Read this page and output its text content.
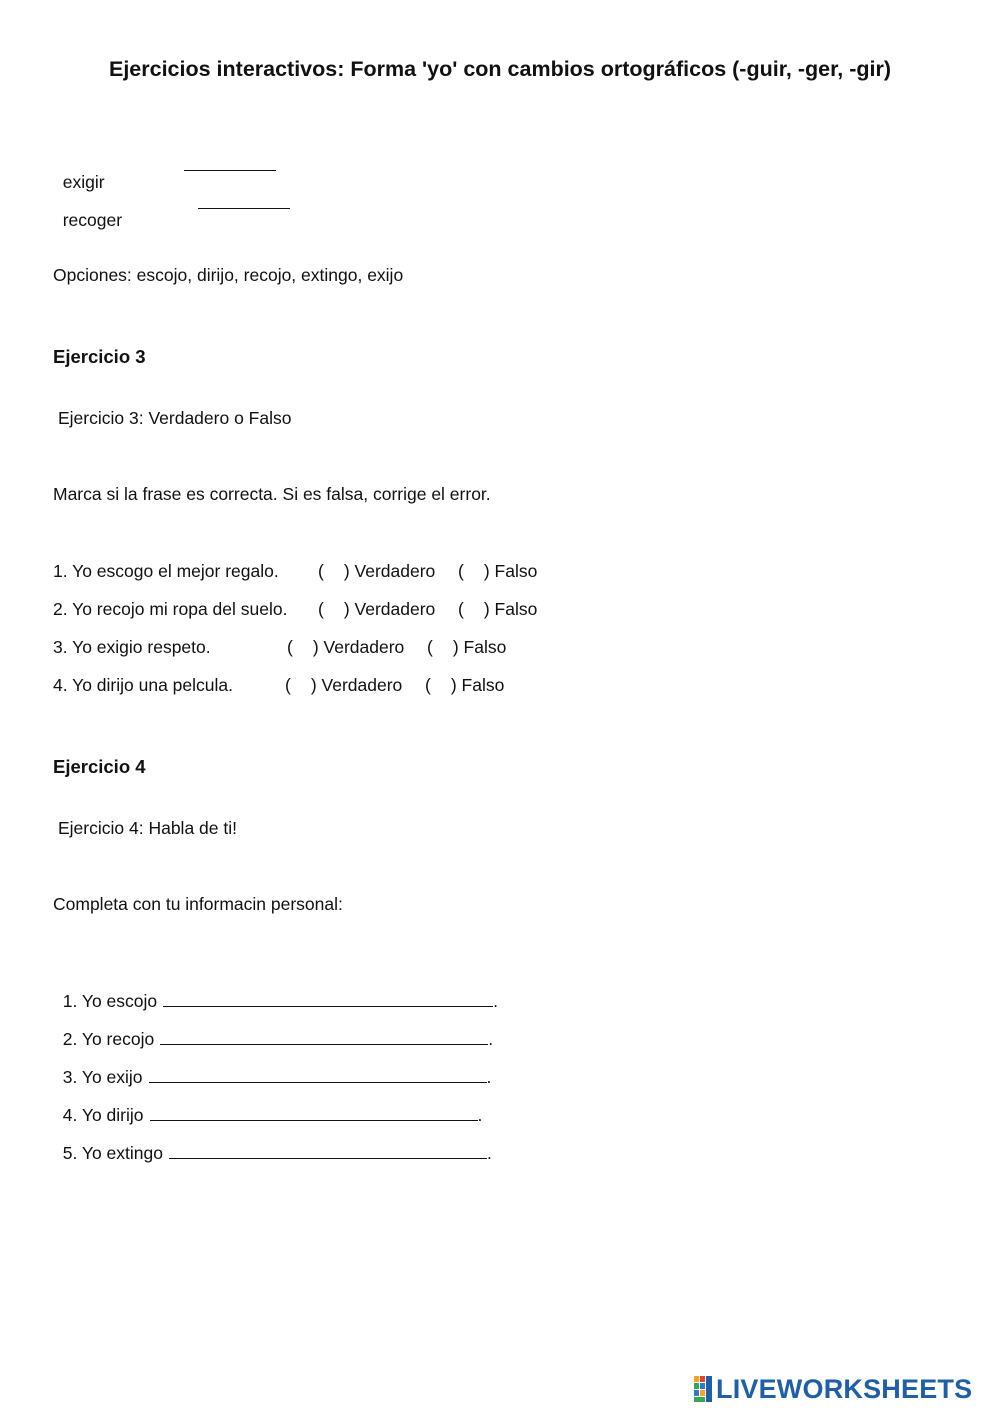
Ejercicios interactivos: Forma 'yo' con cambios ortográficos (-guir, -ger, -gir)

exigir

recoger

Opciones: escojo, dirijo, recojo, extingo, exijo
Ejercicio 3
Ejercicio 3: Verdadero o Falso
Marca si la frase es correcta. Si es falsa, corrige el error.
1. Yo escogo el mejor regalo. ( ) Verdadero ( ) Falso
2. Yo recojo mi ropa del suelo. ( ) Verdadero ( ) Falso
3. Yo exigio respeto.	( ) Verdadero ( ) Falso
4. Yo dirijo una pelcula.	( ) Verdadero ( ) Falso
Ejercicio 4
Ejercicio 4: Habla de ti!
Completa con tu informacin personal:

1. Yo escojo	.

2. Yo recojo	.

3. Yo exijo	.

4. Yo dirijo	.

5. Yo extingo	.

LIVEWORKSHEETS
